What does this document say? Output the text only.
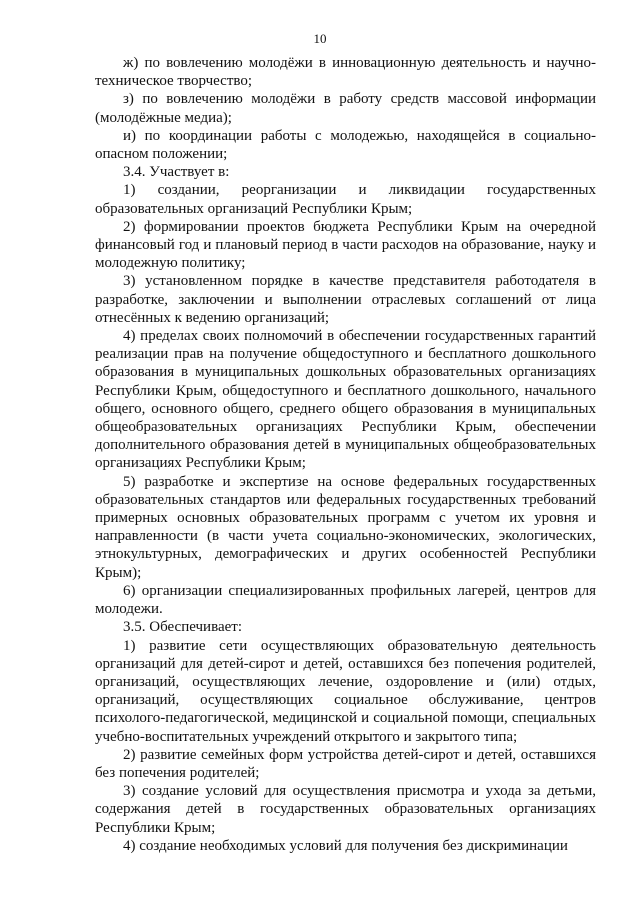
10

ж) по вовлечению молодёжи в инновационную деятельность и научно-техническое творчество;

з) по вовлечению молодёжи в работу средств массовой информации (молодёжные медиа);

и) по координации работы с молодежью, находящейся в социально-опасном положении;

3.4. Участвует в:

1) создании, реорганизации и ликвидации государственных образовательных организаций Республики Крым;

2) формировании проектов бюджета Республики Крым на очередной финансовый год и плановый период в части расходов на образование, науку и молодежную политику;

3) установленном порядке в качестве представителя работодателя в разработке, заключении и выполнении отраслевых соглашений от лица отнесённых к ведению организаций;

4) пределах своих полномочий в обеспечении государственных гарантий реализации прав на получение общедоступного и бесплатного дошкольного образования в муниципальных дошкольных образовательных организациях Республики Крым, общедоступного и бесплатного дошкольного, начального общего, основного общего, среднего общего образования в муниципальных общеобразовательных организациях Республики Крым, обеспечении дополнительного образования детей в муниципальных общеобразовательных организациях Республики Крым;

5) разработке и экспертизе на основе федеральных государственных образовательных стандартов или федеральных государственных требований примерных основных образовательных программ с учетом их уровня и направленности (в части учета социально-экономических, экологических, этнокультурных, демографических и других особенностей Республики Крым);

6) организации специализированных профильных лагерей, центров для молодежи.

3.5. Обеспечивает:

1) развитие сети осуществляющих образовательную деятельность организаций для детей-сирот и детей, оставшихся без попечения родителей, организаций, осуществляющих лечение, оздоровление и (или) отдых, организаций, осуществляющих социальное обслуживание, центров психолого-педагогической, медицинской и социальной помощи, специальных учебно-воспитательных учреждений открытого и закрытого типа;

2) развитие семейных форм устройства детей-сирот и детей, оставшихся без попечения родителей;

3) создание условий для осуществления присмотра и ухода за детьми, содержания детей в государственных образовательных организациях Республики Крым;

4) создание необходимых условий для получения без дискриминации
